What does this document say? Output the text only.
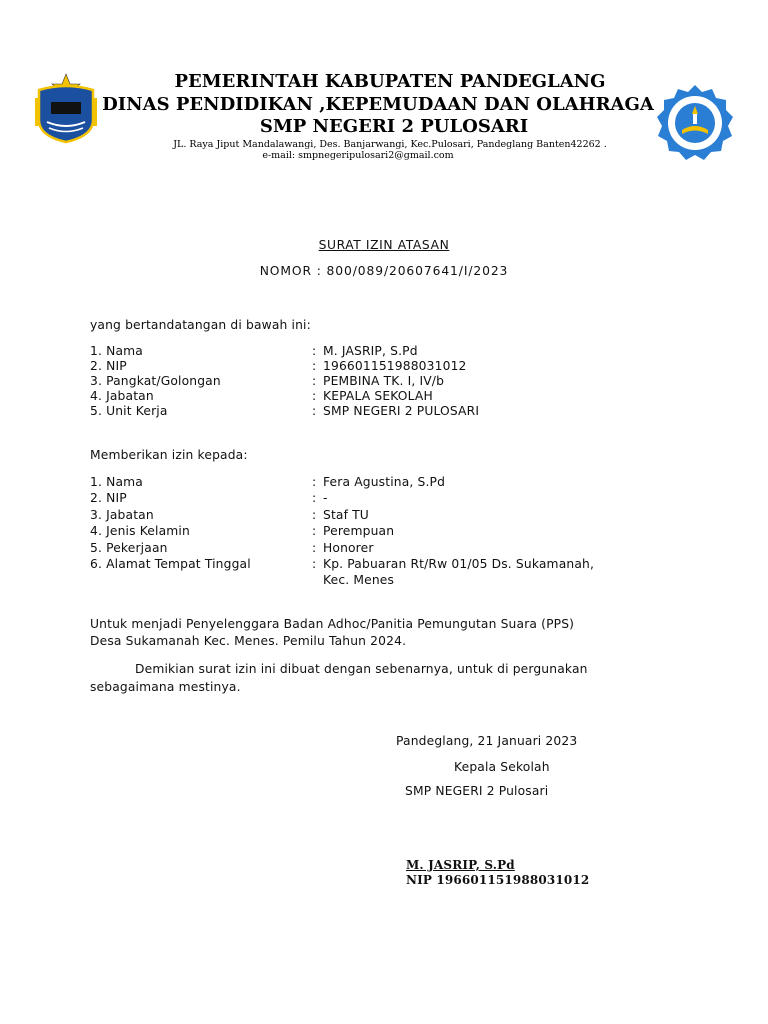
PEMERINTAH KABUPATEN PANDEGLANG
DINAS PENDIDIKAN ,KEPEMUDAAN DAN OLAHRAGA
SMP NEGERI 2 PULOSARI
JL. Raya Jiput Mandalawangi, Des. Banjarwangi, Kec.Pulosari, Pandeglang Banten42262 .
e-mail: smpnegeripulosari2@gmail.com
SURAT IZIN ATASAN
NOMOR : 800/089/20607641/I/2023
yang bertandatangan di bawah ini:
1. Nama	: M. JASRIP, S.Pd
2. NIP	: 196601151988031012
3. Pangkat/Golongan	: PEMBINA TK. I, IV/b
4. Jabatan	: KEPALA SEKOLAH
5. Unit Kerja	: SMP NEGERI 2 PULOSARI
Memberikan izin kepada:
1. Nama	: Fera Agustina, S.Pd
2. NIP	: -
3. Jabatan	: Staf TU
4. Jenis Kelamin	: Perempuan
5. Pekerjaan	: Honorer
6. Alamat Tempat Tinggal	: Kp. Pabuaran Rt/Rw 01/05 Ds. Sukamanah,
Kec. Menes
Untuk menjadi Penyelenggara Badan Adhoc/Panitia Pemungutan Suara (PPS)
Desa Sukamanah Kec. Menes. Pemilu Tahun 2024.
Demikian surat izin ini dibuat dengan sebenarnya, untuk di pergunakan
sebagaimana mestinya.
Pandeglang, 21 Januari 2023
Kepala Sekolah
SMP NEGERI 2 Pulosari
M. JASRIP, S.Pd
NIP 196601151988031012
